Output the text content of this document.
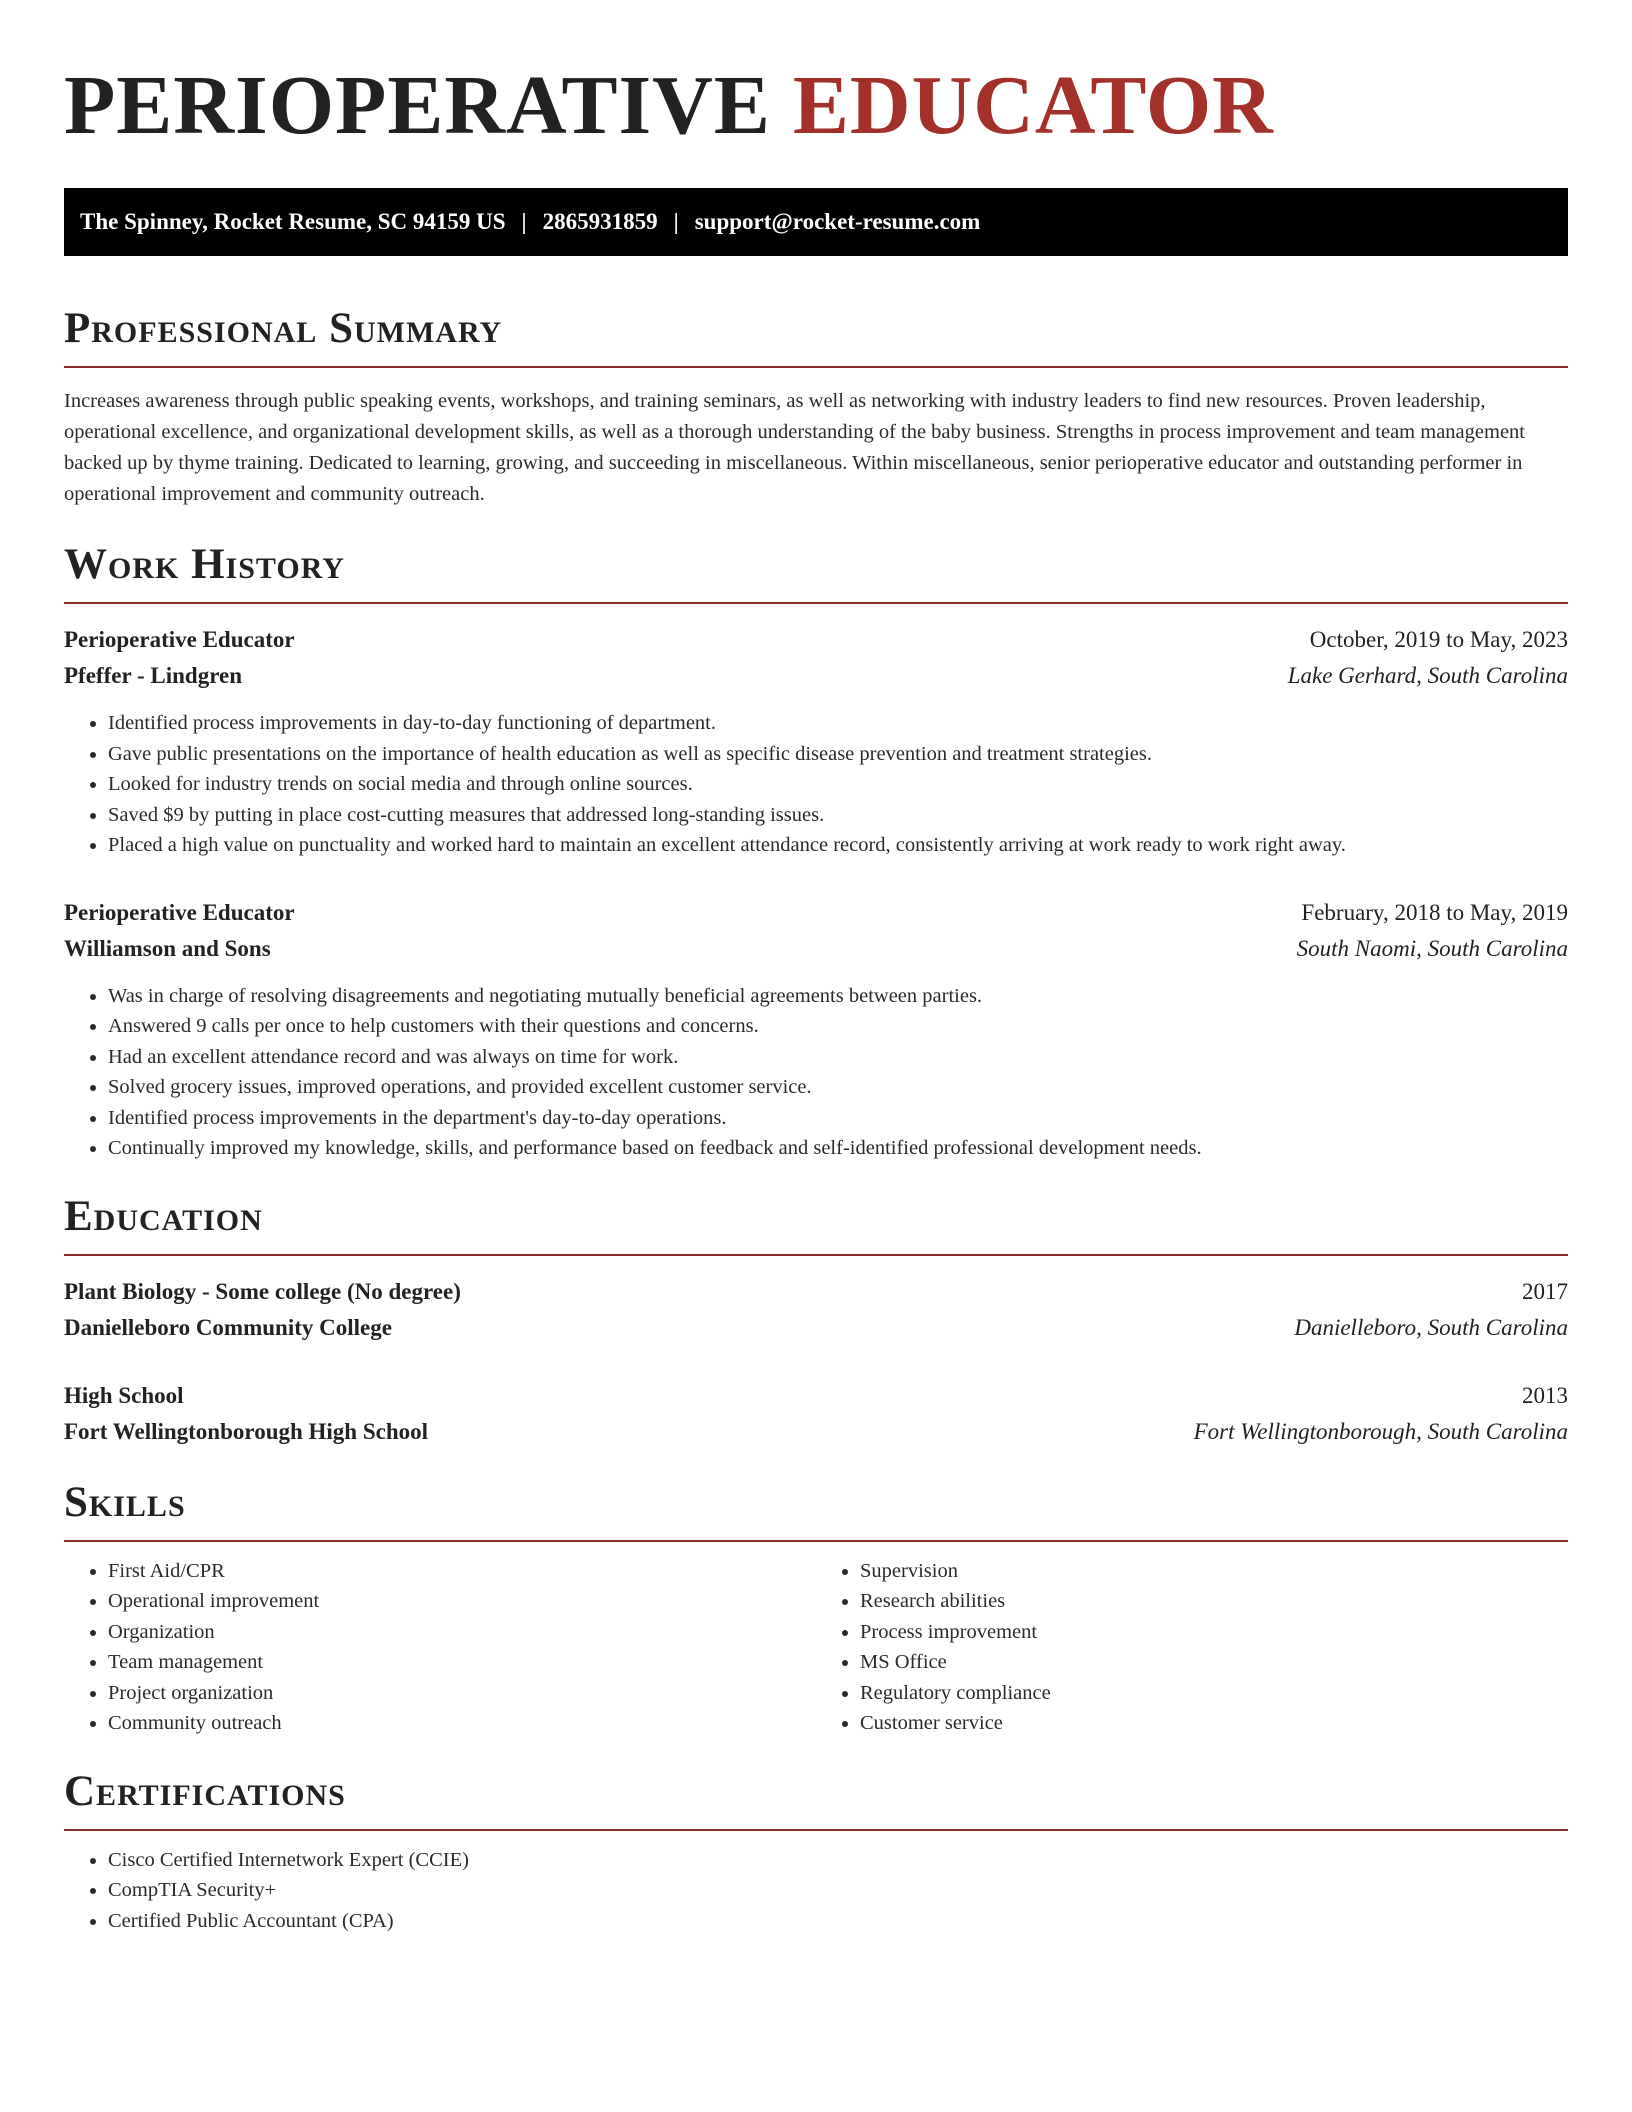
PERIOPERATIVE EDUCATOR
The Spinney, Rocket Resume, SC 94159 US | 2865931859 | support@rocket-resume.com
Professional Summary

Increases awareness through public speaking events, workshops, and training seminars, as well as networking with industry leaders to find new resources. Proven leadership, operational excellence, and organizational development skills, as well as a thorough understanding of the baby business. Strengths in process improvement and team management backed up by thyme training. Dedicated to learning, growing, and succeeding in miscellaneous. Within miscellaneous, senior perioperative educator and outstanding performer in operational improvement and community outreach.

Work History
Perioperative Educator	October, 2019 to May, 2023
Pfeffer - Lindgren	Lake Gerhard, South Carolina
• Identified process improvements in day-to-day functioning of department.
• Gave public presentations on the importance of health education as well as specific disease prevention and treatment strategies.
• Looked for industry trends on social media and through online sources.
• Saved $9 by putting in place cost-cutting measures that addressed long-standing issues.
• Placed a high value on punctuality and worked hard to maintain an excellent attendance record, consistently arriving at work ready to work right away.
Perioperative Educator	February, 2018 to May, 2019
Williamson and Sons	South Naomi, South Carolina
• Was in charge of resolving disagreements and negotiating mutually beneficial agreements between parties.
• Answered 9 calls per once to help customers with their questions and concerns.
• Had an excellent attendance record and was always on time for work.
• Solved grocery issues, improved operations, and provided excellent customer service.
• Identified process improvements in the department's day-to-day operations.
• Continually improved my knowledge, skills, and performance based on feedback and self-identified professional development needs.
Education
Plant Biology - Some college (No degree)	2017
Danielleboro Community College	Danielleboro, South Carolina
High School	2013
Fort Wellingtonborough High School	Fort Wellingtonborough, South Carolina
Skills
• First Aid/CPR
• Operational improvement
• Organization
• Team management
• Project organization
• Community outreach
• Supervision
• Research abilities
• Process improvement
• MS Office
• Regulatory compliance
• Customer service
Certifications
• Cisco Certified Internetwork Expert (CCIE)
• CompTIA Security+
• Certified Public Accountant (CPA)
